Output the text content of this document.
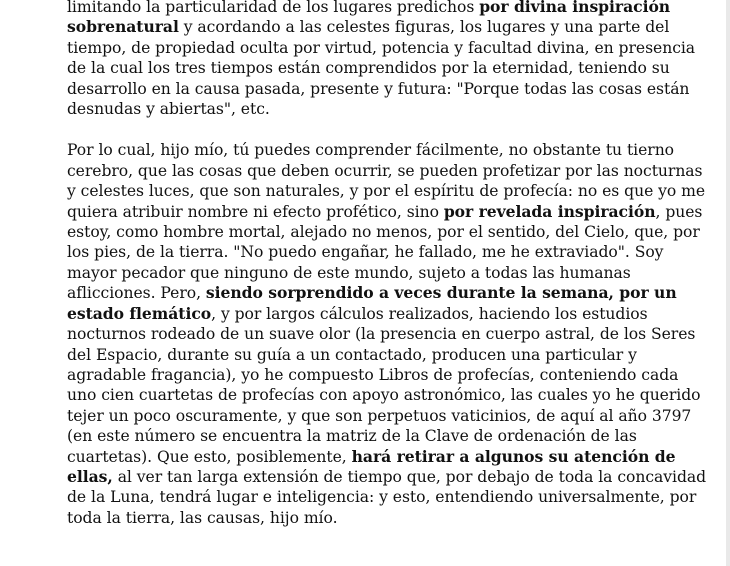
limitando la particularidad de los lugares predichos por divina inspiración sobrenatural y acordando a las celestes figuras, los lugares y una parte del tiempo, de propiedad oculta por virtud, potencia y facultad divina, en presencia de la cual los tres tiempos están comprendidos por la eternidad, teniendo su desarrollo en la causa pasada, presente y futura: "Porque todas las cosas están desnudas y abiertas", etc.

Por lo cual, hijo mío, tú puedes comprender fácilmente, no obstante tu tierno cerebro, que las cosas que deben ocurrir, se pueden profetizar por las nocturnas y celestes luces, que son naturales, y por el espíritu de profecía: no es que yo me quiera atribuir nombre ni efecto profético, sino por revelada inspiración, pues estoy, como hombre mortal, alejado no menos, por el sentido, del Cielo, que, por los pies, de la tierra. "No puedo engañar, he fallado, me he extraviado". Soy mayor pecador que ninguno de este mundo, sujeto a todas las humanas aflicciones. Pero, siendo sorprendido a veces durante la semana, por un estado flemático, y por largos cálculos realizados, haciendo los estudios nocturnos rodeado de un suave olor (la presencia en cuerpo astral, de los Seres del Espacio, durante su guía a un contactado, producen una particular y agradable fragancia), yo he compuesto Libros de profecías, conteniendo cada uno cien cuartetas de profecías con apoyo astronómico, las cuales yo he querido tejer un poco oscuramente, y que son perpetuos vaticinios, de aquí al año 3797 (en este número se encuentra la matriz de la Clave de ordenación de las cuartetas). Que esto, posiblemente, hará retirar a algunos su atención de ellas, al ver tan larga extensión de tiempo que, por debajo de toda la concavidad de la Luna, tendrá lugar e inteligencia: y esto, entendiendo universalmente, por toda la tierra, las causas, hijo mío.
